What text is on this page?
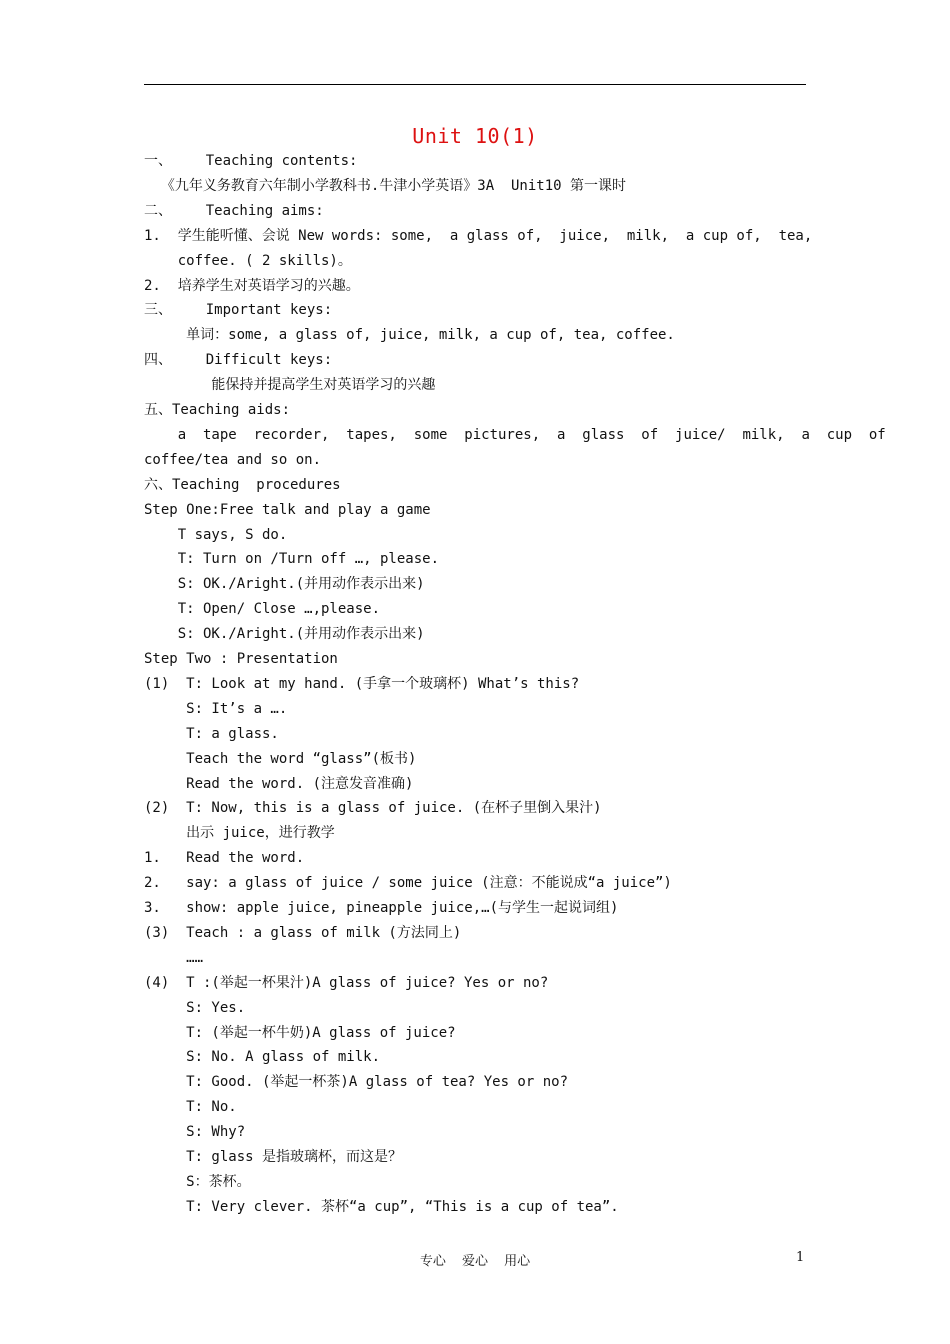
Unit 10(1)
一、    Teaching contents:
《九年义务教育六年制小学教科书.牛津小学英语》3A  Unit10 第一课时
二、    Teaching aims:
1.  学生能听懂、会说 New words: some,  a glass of,  juice,  milk,  a cup of,  tea,
coffee. ( 2 skills)。
2.  培养学生对英语学习的兴趣。
三、    Important keys:
单词：some, a glass of, juice, milk, a cup of, tea, coffee.
四、    Difficult keys:
能保持并提高学生对英语学习的兴趣
五、Teaching aids:
a  tape  recorder,  tapes,  some  pictures,  a  glass  of  juice/  milk,  a  cup  of
coffee/tea and so on.
六、Teaching  procedures
Step One:Free talk and play a game
T says, S do.
T: Turn on /Turn off …, please.
S: OK./Aright.(并用动作表示出来)
T: Open/ Close …,please.
S: OK./Aright.(并用动作表示出来)
Step Two : Presentation
(1)  T: Look at my hand. (手拿一个玻璃杯) What’s this?
S: It’s a ….
T: a glass.
Teach the word “glass”(板书)
Read the word. (注意发音准确)
(2)  T: Now, this is a glass of juice. (在杯子里倒入果汁)
出示 juice，进行教学
1.   Read the word.
2.   say: a glass of juice / some juice (注意：不能说成“a juice”)
3.   show: apple juice, pineapple juice,…(与学生一起说词组)
(3)  Teach : a glass of milk (方法同上)
……
(4)  T :(举起一杯果汁)A glass of juice? Yes or no?
S: Yes.
T: (举起一杯牛奶)A glass of juice?
S: No. A glass of milk.
T: Good. (举起一杯茶)A glass of tea? Yes or no?
T: No.
S: Why?
T: glass 是指玻璃杯，而这是？
S：茶杯。
T: Very clever. 茶杯“a cup”, “This is a cup of tea”.
专心 爱心 用心	1
